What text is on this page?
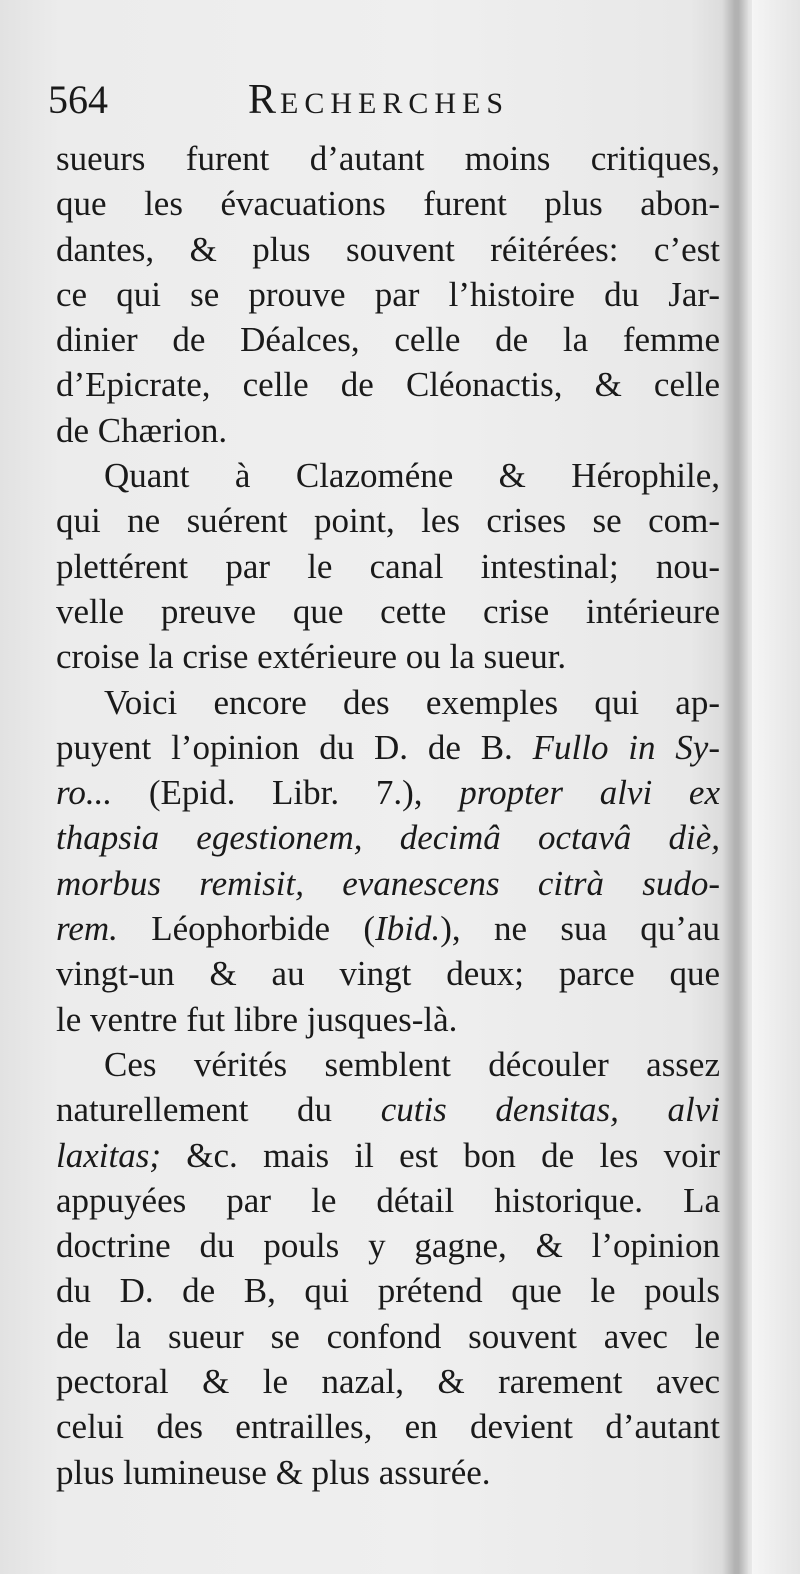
564	RECHERCHES
sueurs furent d’autant moins critiques,
que les évacuations furent plus abon-
dantes, & plus souvent réitérées: c’est
ce qui se prouve par l’histoire du Jar-
dinier de Déalces, celle de la femme
d’Epicrate, celle de Cléonactis, & celle
de Chærion.
Quant à Clazoméne & Hérophile,
qui ne suérent point, les crises se com-
plettérent par le canal intestinal; nou-
velle preuve que cette crise intérieure
croise la crise extérieure ou la sueur.
Voici encore des exemples qui ap-
puyent l’opinion du D. de B. Fullo in Sy-
ro... (Epid. Libr. 7.), propter alvi ex
thapsia egestionem, decimâ octavâ diè,
morbus remisit, evanescens citrà sudo-
rem. Léophorbide (Ibid.), ne sua qu’au
vingt-un & au vingt deux; parce que
le ventre fut libre jusques-là.
Ces vérités semblent découler assez
naturellement du cutis densitas, alvi
laxitas; &c. mais il est bon de les voir
appuyées par le détail historique. La
doctrine du pouls y gagne, & l’opinion
du D. de B, qui prétend que le pouls
de la sueur se confond souvent avec le
pectoral & le nazal, & rarement avec
celui des entrailles, en devient d’autant
plus lumineuse & plus assurée.
